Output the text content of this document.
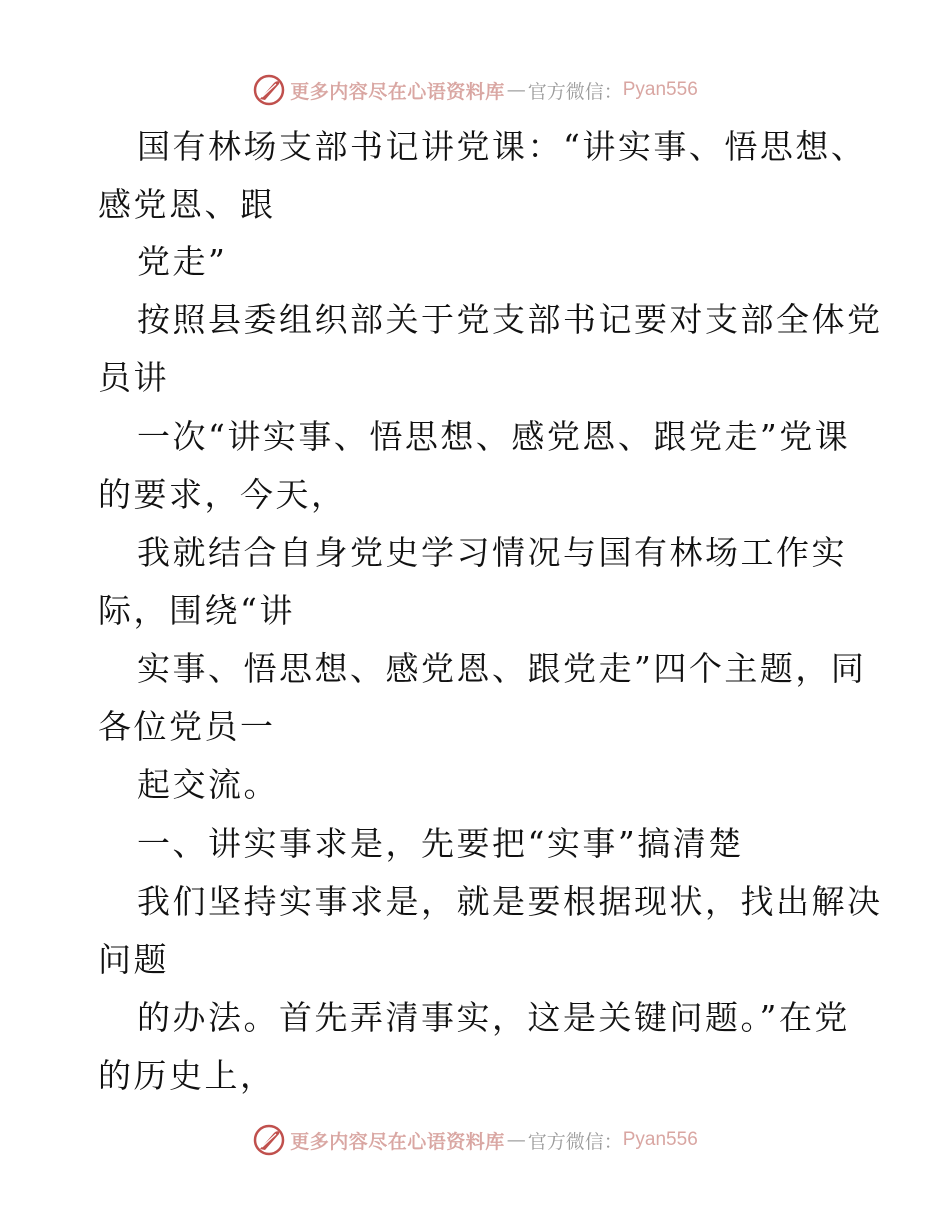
更多内容尽在心语资料库 — 官方微信： Pyan556
国有林场支部书记讲党课：“讲实事、悟思想、
感党恩、跟
党走”
按照县委组织部关于党支部书记要对支部全体党
员讲
一次“讲实事、悟思想、感党恩、跟党走”党课
的要求，今天，
我就结合自身党史学习情况与国有林场工作实
际，围绕“讲
实事、悟思想、感党恩、跟党走”四个主题，同
各位党员一
起交流。
一、讲实事求是，先要把“实事”搞清楚
我们坚持实事求是，就是要根据现状，找出解决
问题
的办法。首先弄清事实，这是关键问题。”在党
的历史上，
更多内容尽在心语资料库 — 官方微信： Pyan556
